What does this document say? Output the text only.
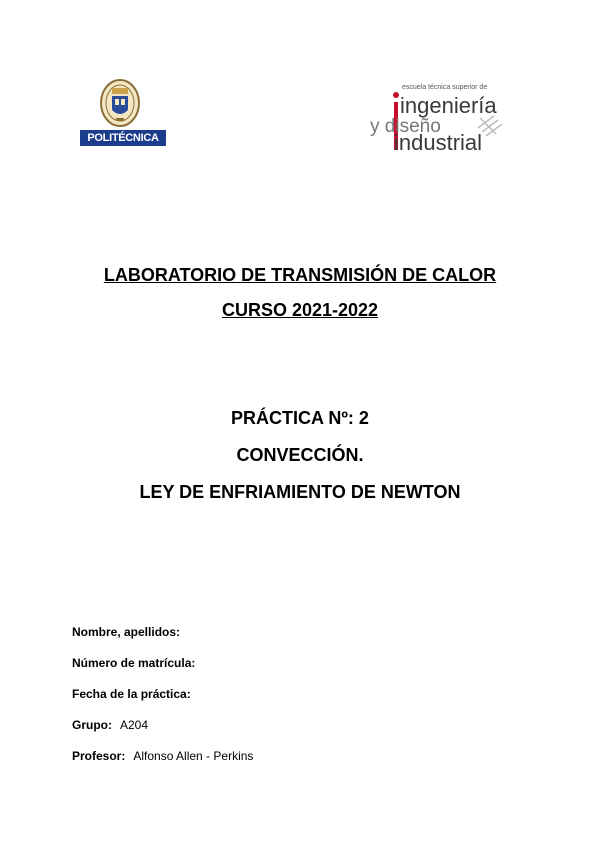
POLITÉCNICA
escuela técnica superior de
ingeniería
y diseño
industrial
LABORATORIO DE TRANSMISIÓN DE CALOR
CURSO 2021-2022
PRÁCTICA Nº: 2
CONVECCIÓN.
LEY DE ENFRIAMIENTO DE NEWTON
Nombre, apellidos:
Número de matrícula:
Fecha de la práctica:
Grupo: A204
Profesor: Alfonso Allen - Perkins
